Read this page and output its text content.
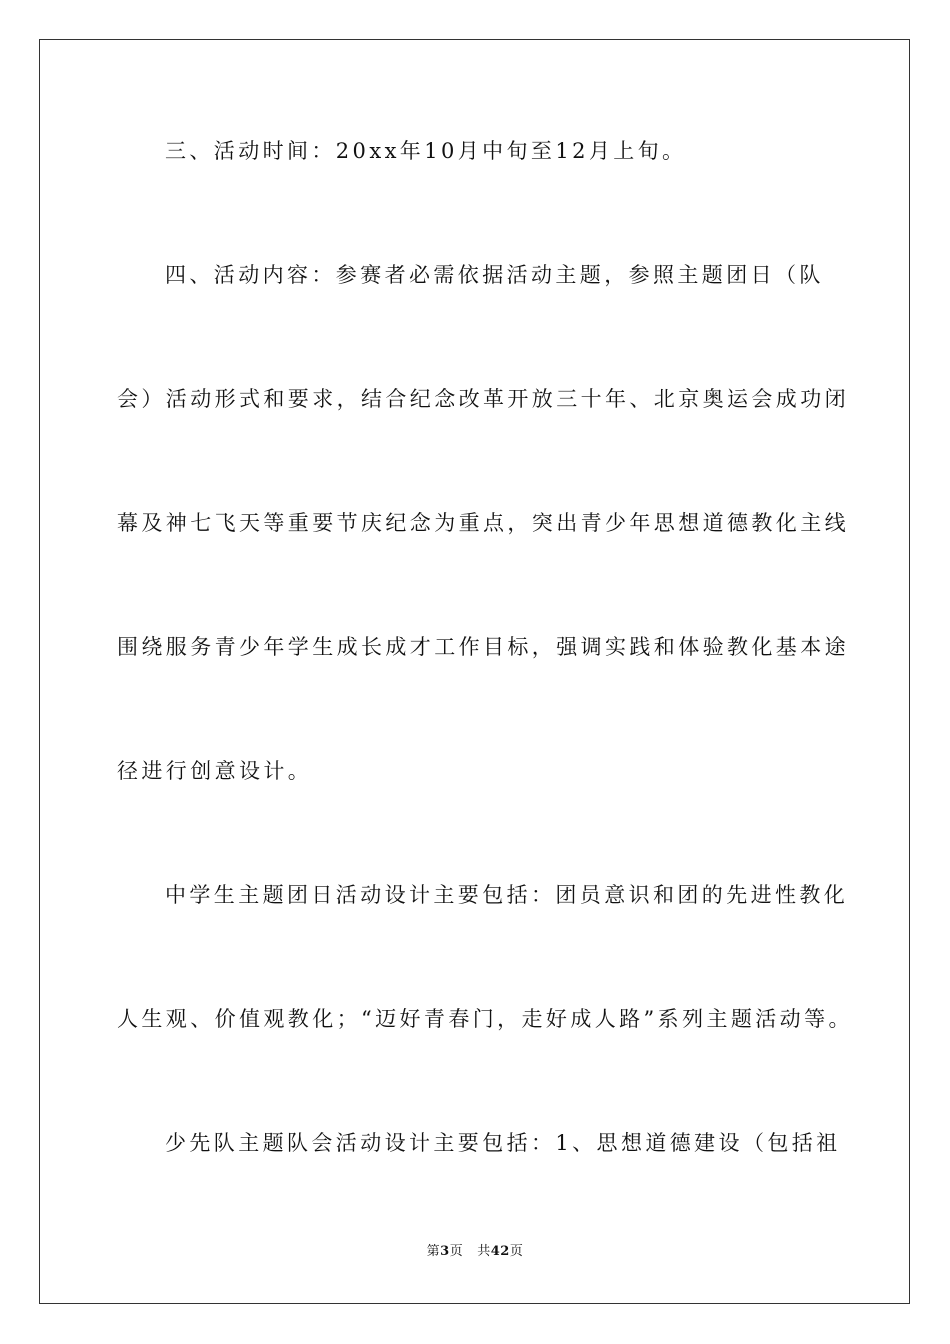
三、活动时间：20xx年10月中旬至12月上旬。
四、活动内容：参赛者必需依据活动主题，参照主题团日（队
会）活动形式和要求，结合纪念改革开放三十年、北京奥运会成功闭
幕及神七飞天等重要节庆纪念为重点，突出青少年思想道德教化主线
围绕服务青少年学生成长成才工作目标，强调实践和体验教化基本途
径进行创意设计。
中学生主题团日活动设计主要包括：团员意识和团的先进性教化
人生观、价值观教化；“迈好青春门，走好成人路”系列主题活动等。
少先队主题队会活动设计主要包括：1、思想道德建设（包括祖
第3页 共42页
